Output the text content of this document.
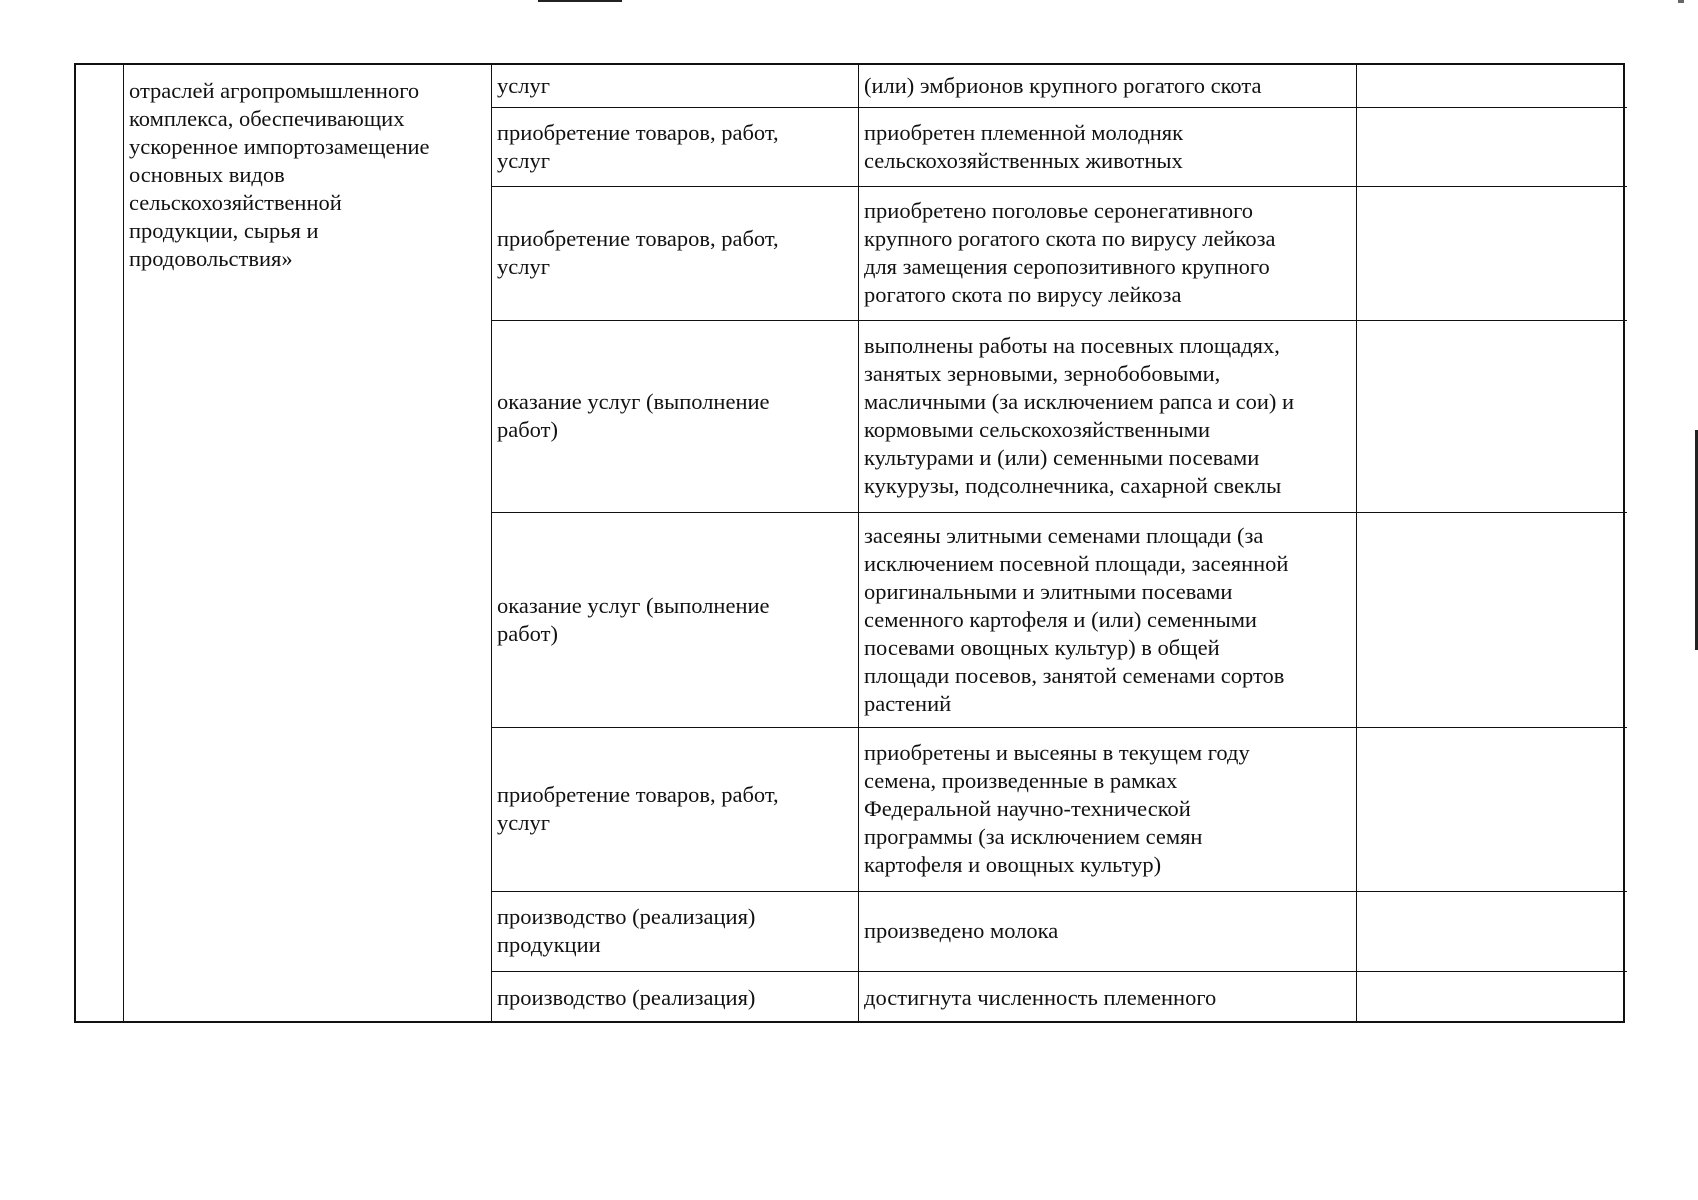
отраслей агропромышленного
комплекса, обеспечивающих
ускоренное импортозамещение
основных видов
сельскохозяйственной
продукции, сырья и
продовольствия»
услуг	(или) эмбрионов крупного рогатого скота
приобретение товаров, работ,
услуг
приобретен племенной молодняк
сельскохозяйственных животных
приобретение товаров, работ,
услуг
приобретено поголовье серонегативного
крупного рогатого скота по вирусу лейкоза
для замещения серопозитивного крупного
рогатого скота по вирусу лейкоза
оказание услуг (выполнение
работ)
выполнены работы на посевных площадях,
занятых зерновыми, зернобобовыми,
масличными (за исключением рапса и сои) и
кормовыми сельскохозяйственными
культурами и (или) семенными посевами
кукурузы, подсолнечника, сахарной свеклы
оказание услуг (выполнение
работ)
засеяны элитными семенами площади (за
исключением посевной площади, засеянной
оригинальными и элитными посевами
семенного картофеля и (или) семенными
посевами овощных культур) в общей
площади посевов, занятой семенами сортов
растений
приобретение товаров, работ,
услуг
приобретены и высеяны в текущем году
семена, произведенные в рамках
Федеральной научно-технической
программы (за исключением семян
картофеля и овощных культур)
производство (реализация)
продукции
произведено молока
производство (реализация)	достигнута численность племенного
